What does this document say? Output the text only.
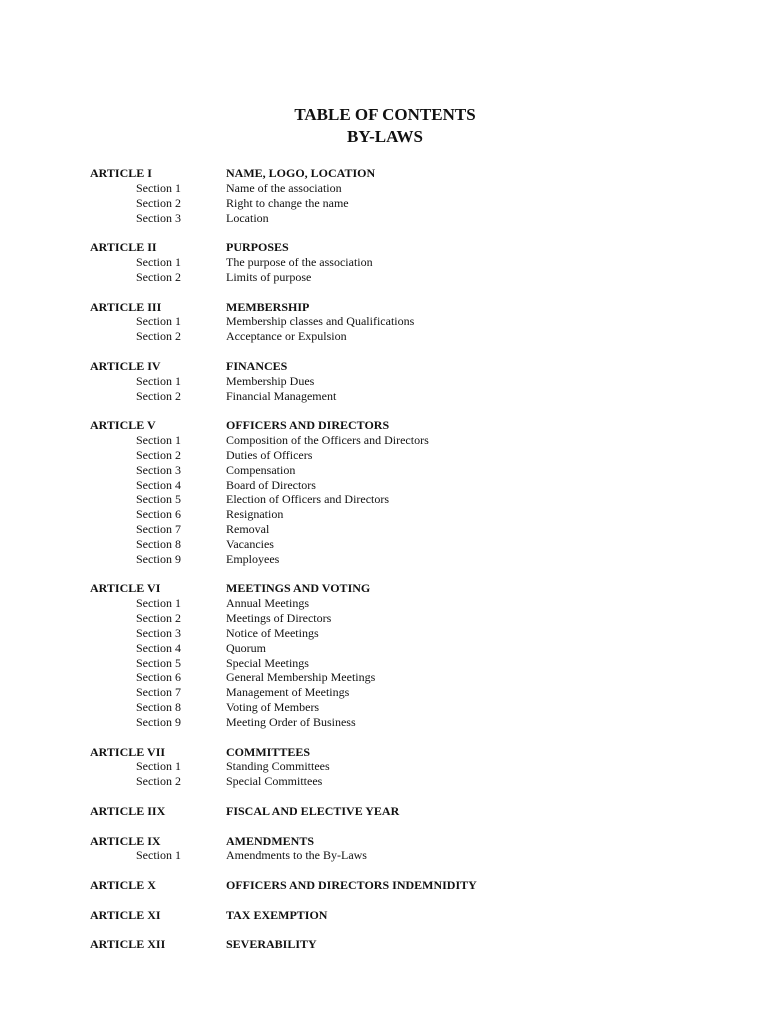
TABLE OF CONTENTS

BY-LAWS

ARTICLE I	NAME, LOGO, LOCATION
Section 1	Name of the association
Section 2	Right to change the name
Section 3	Location
ARTICLE II	PURPOSES
Section 1	The purpose of the association
Section 2	Limits of purpose
ARTICLE III	MEMBERSHIP
Section 1	Membership classes and Qualifications
Section 2	Acceptance or Expulsion
ARTICLE IV	FINANCES
Section 1	Membership Dues
Section 2	Financial Management
ARTICLE V	OFFICERS AND DIRECTORS
Section 1	Composition of the Officers and Directors
Section 2	Duties of Officers
Section 3	Compensation
Section 4	Board of Directors
Section 5	Election of Officers and Directors
Section 6	Resignation
Section 7	Removal
Section 8	Vacancies
Section 9	Employees
ARTICLE VI	MEETINGS AND VOTING
Section 1	Annual Meetings
Section 2	Meetings of Directors
Section 3	Notice of Meetings
Section 4	Quorum
Section 5	Special Meetings
Section 6	General Membership Meetings
Section 7	Management of Meetings
Section 8	Voting of Members
Section 9	Meeting Order of Business
ARTICLE VII	COMMITTEES
Section 1	Standing Committees
Section 2	Special Committees
ARTICLE IIX	FISCAL AND ELECTIVE YEAR
ARTICLE IX	AMENDMENTS
Section 1	Amendments to the By-Laws
ARTICLE X	OFFICERS AND DIRECTORS INDEMNIDITY
ARTICLE XI	TAX EXEMPTION
ARTICLE XII	SEVERABILITY
